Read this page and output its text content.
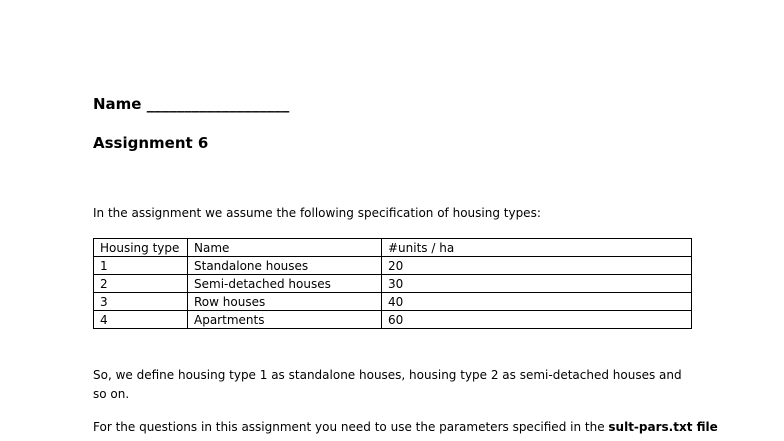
Name ___________________
Assignment 6
In the assignment we assume the following specification of housing types:
Housing type	Name	#units / ha
1	Standalone houses	20
2	Semi-detached houses	30
3	Row houses	40
4	Apartments	60
So, we define housing type 1 as standalone houses, housing type 2 as semi-detached houses and so on.
For the questions in this assignment you need to use the parameters specified in the sult-pars.txt file
